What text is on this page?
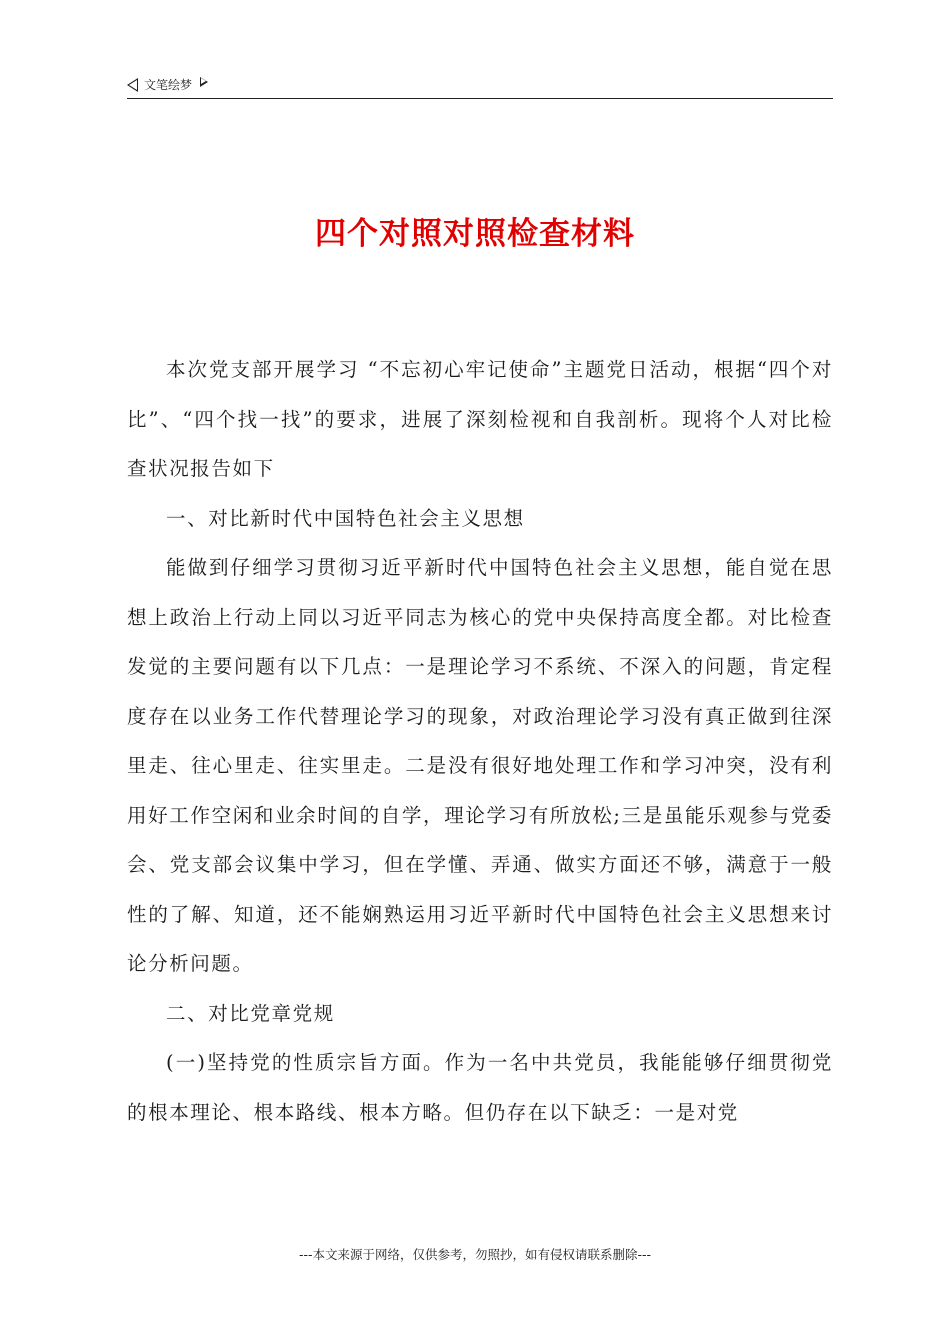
文笔绘梦
四个对照对照检查材料

本次党支部开展学习 “不忘初心牢记使命”主题党日活动，根据“四个对比”、“四个找一找”的要求，进展了深刻检视和自我剖析。现将个人对比检查状况报告如下

一、对比新时代中国特色社会主义思想

能做到仔细学习贯彻习近平新时代中国特色社会主义思想，能自觉在思想上政治上行动上同以习近平同志为核心的党中央保持高度全都。对比检查发觉的主要问题有以下几点：一是理论学习不系统、不深入的问题，肯定程度存在以业务工作代替理论学习的现象，对政治理论学习没有真正做到往深里走、往心里走、往实里走。二是没有很好地处理工作和学习冲突，没有利用好工作空闲和业余时间的自学，理论学习有所放松;三是虽能乐观参与党委会、党支部会议集中学习，但在学懂、弄通、做实方面还不够，满意于一般性的了解、知道，还不能娴熟运用习近平新时代中国特色社会主义思想来讨论分析问题。

二、对比党章党规

(一)坚持党的性质宗旨方面。作为一名中共党员，我能能够仔细贯彻党的根本理论、根本路线、根本方略。但仍存在以下缺乏：一是对党

---本文来源于网络，仅供参考，勿照抄，如有侵权请联系删除---
